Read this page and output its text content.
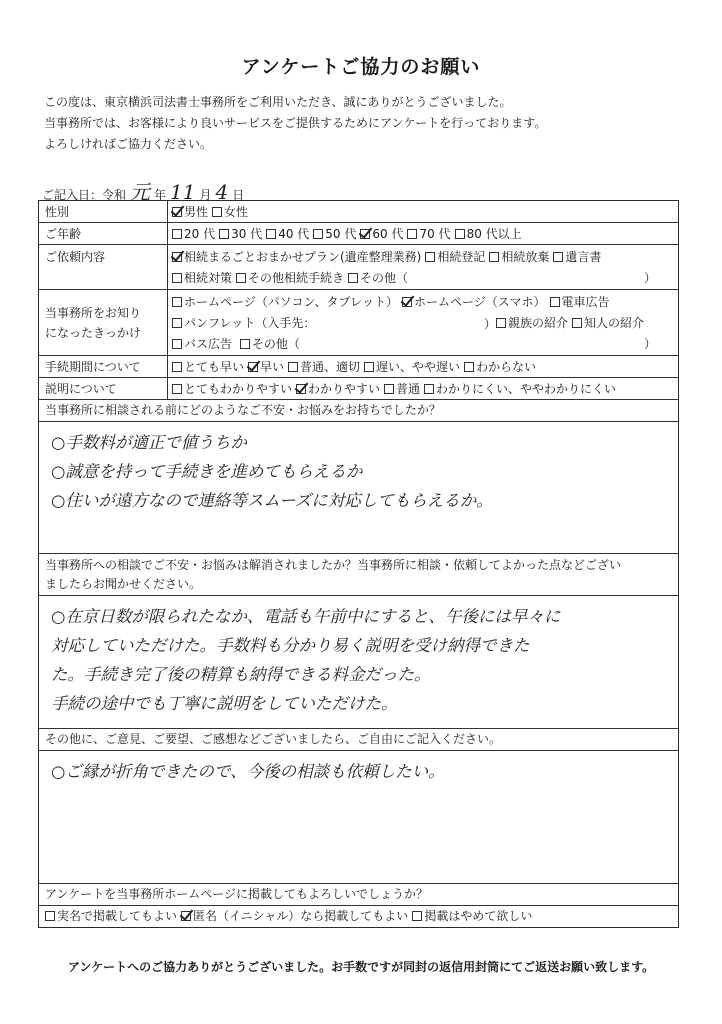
アンケートご協力のお願い
この度は、東京横浜司法書士事務所をご利用いただき、誠にありがとうございました。
当事務所では、お客様により良いサービスをご提供するためにアンケートを行っております。
よろしければご協力ください。
ご記入日：令和 元 年 11 月 4 日
性別	男性 女性
ご年齢	20 代 30 代 40 代 50 代 60 代 70 代 80 代以上
ご依頼内容	相続まるごとおまかせプラン(遺産整理業務) 相続登記 相続放棄 遺言書
相続対策 その他相続手続き その他（	）
当事務所をお知り
になったきっかけ
ホームページ（パソコン、タブレット） ホームページ（スマホ） 電車広告
パンフレット（入手先：	） 親族の紹介 知人の紹介
バス広告
その他（	）
手続期間について	とても早い 早い 普通、適切 遅い、やや遅い わからない
説明について	とてもわかりやすい わかりやすい 普通 わかりにくい、ややわかりにくい
当事務所に相談される前にどのようなご不安・お悩みをお持ちでしたか？
○手数料が適正で値うちか
○誠意を持って手続きを進めてもらえるか
○住いが遠方なので連絡等スムーズに対応してもらえるか。
当事務所への相談でご不安・お悩みは解消されましたか？当事務所に相談・依頼してよかった点などござい
ましたらお聞かせください。
○在京日数が限られたなか、電話も午前中にすると、午後には早々に
対応していただけた。手数料も分かり易く説明を受け納得できた
た。手続き完了後の精算も納得できる料金だった。
手続の途中でも丁寧に説明をしていただけた。
その他に、ご意見、ご要望、ご感想などございましたら、ご自由にご記入ください。
○ご縁が折角できたので、今後の相談も依頼したい。
アンケートを当事務所ホームページに掲載してもよろしいでしょうか？
実名で掲載してもよい 匿名（イニシャル）なら掲載してもよい 掲載はやめて欲しい
アンケートへのご協力ありがとうございました。お手数ですが同封の返信用封筒にてご返送お願い致します。
